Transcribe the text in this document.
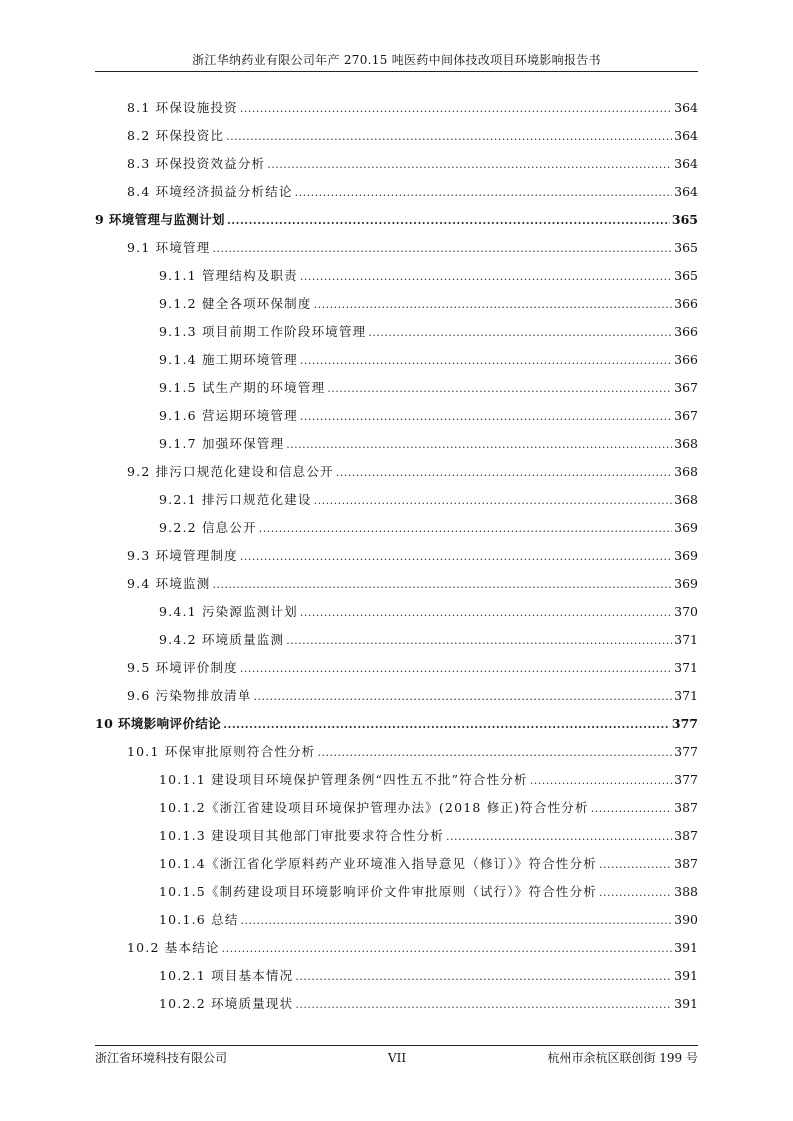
浙江华纳药业有限公司年产 270.15 吨医药中间体技改项目环境影响报告书
8.1 环保设施投资 .....	364
8.2 环保投资比 .....	364
8.3 环保投资效益分析 .....	364
8.4 环境经济损益分析结论 .....	364
9 环境管理与监测计划 .....	365
9.1 环境管理 .....	365
9.1.1 管理结构及职责 .....	365
9.1.2 健全各项环保制度 .....	366
9.1.3 项目前期工作阶段环境管理 .....	366
9.1.4 施工期环境管理 .....	366
9.1.5 试生产期的环境管理 .....	367
9.1.6 营运期环境管理 .....	367
9.1.7 加强环保管理 .....	368
9.2 排污口规范化建设和信息公开 .....	368
9.2.1 排污口规范化建设 .....	368
9.2.2 信息公开 .....	369
9.3 环境管理制度 .....	369
9.4 环境监测 .....	369
9.4.1 污染源监测计划 .....	370
9.4.2 环境质量监测 .....	371
9.5 环境评价制度 .....	371
9.6 污染物排放清单 .....	371
10 环境影响评价结论 .....	377
10.1 环保审批原则符合性分析 .....	377
10.1.1 建设项目环境保护管理条例“四性五不批”符合性分析 .....	377
10.1.2《浙江省建设项目环境保护管理办法》(2018 修正)符合性分析 .....	387
10.1.3 建设项目其他部门审批要求符合性分析 .....	387
10.1.4《浙江省化学原料药产业环境准入指导意见（修订）》符合性分析 .....	387
10.1.5《制药建设项目环境影响评价文件审批原则（试行）》符合性分析 .....	388
10.1.6 总结 .....	390
10.2 基本结论 .....	391
10.2.1 项目基本情况 .....	391
10.2.2 环境质量现状 .....	391
浙江省环境科技有限公司	VII	杭州市余杭区联创街 199 号
